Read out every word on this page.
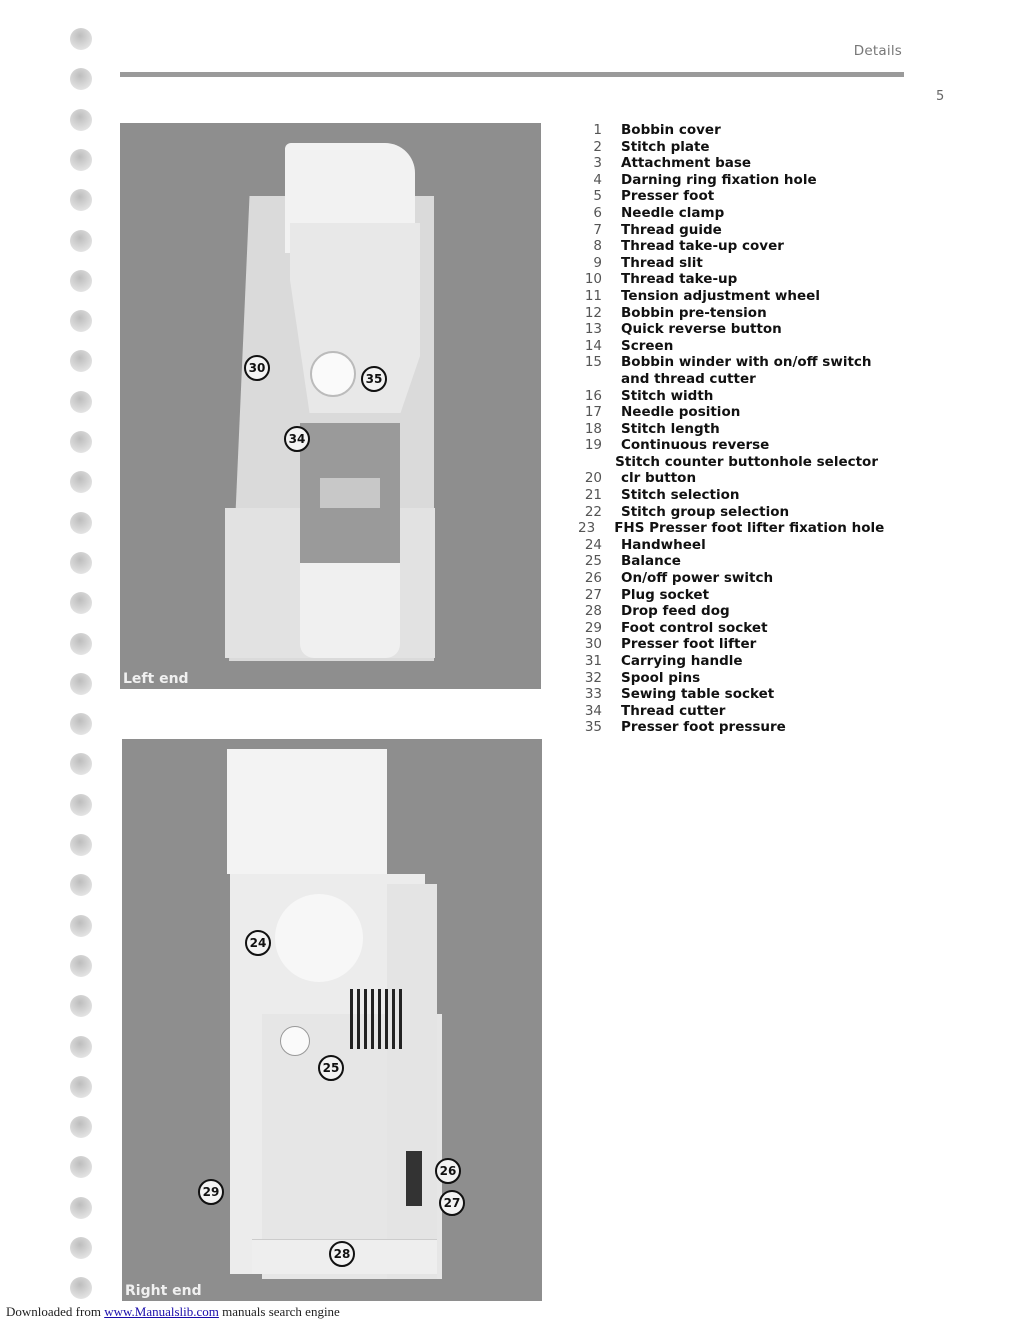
Details
5
30
35
34
Left end
24
25
26
27
28
29
Right end
1 Bobbin cover
2 Stitch plate
3 Attachment base
4 Darning ring fixation hole
5 Presser foot
6 Needle clamp
7 Thread guide
8 Thread take-up cover
9 Thread slit
10 Thread take-up
11 Tension adjustment wheel
12 Bobbin pre-tension
13 Quick reverse button
14 Screen
15 Bobbin winder with on/off switch
and thread cutter
16 Stitch width
17 Needle position
18 Stitch length
19 Continuous reverse
Stitch counter buttonhole selector
20 clr button
21 Stitch selection
22 Stitch group selection
23 FHS Presser foot lifter fixation hole
24 Handwheel
25 Balance
26 On/off power switch
27 Plug socket
28 Drop feed dog
29 Foot control socket
30 Presser foot lifter
31 Carrying handle
32 Spool pins
33 Sewing table socket
34 Thread cutter
35 Presser foot pressure
Downloaded from www.Manualslib.com manuals search engine
